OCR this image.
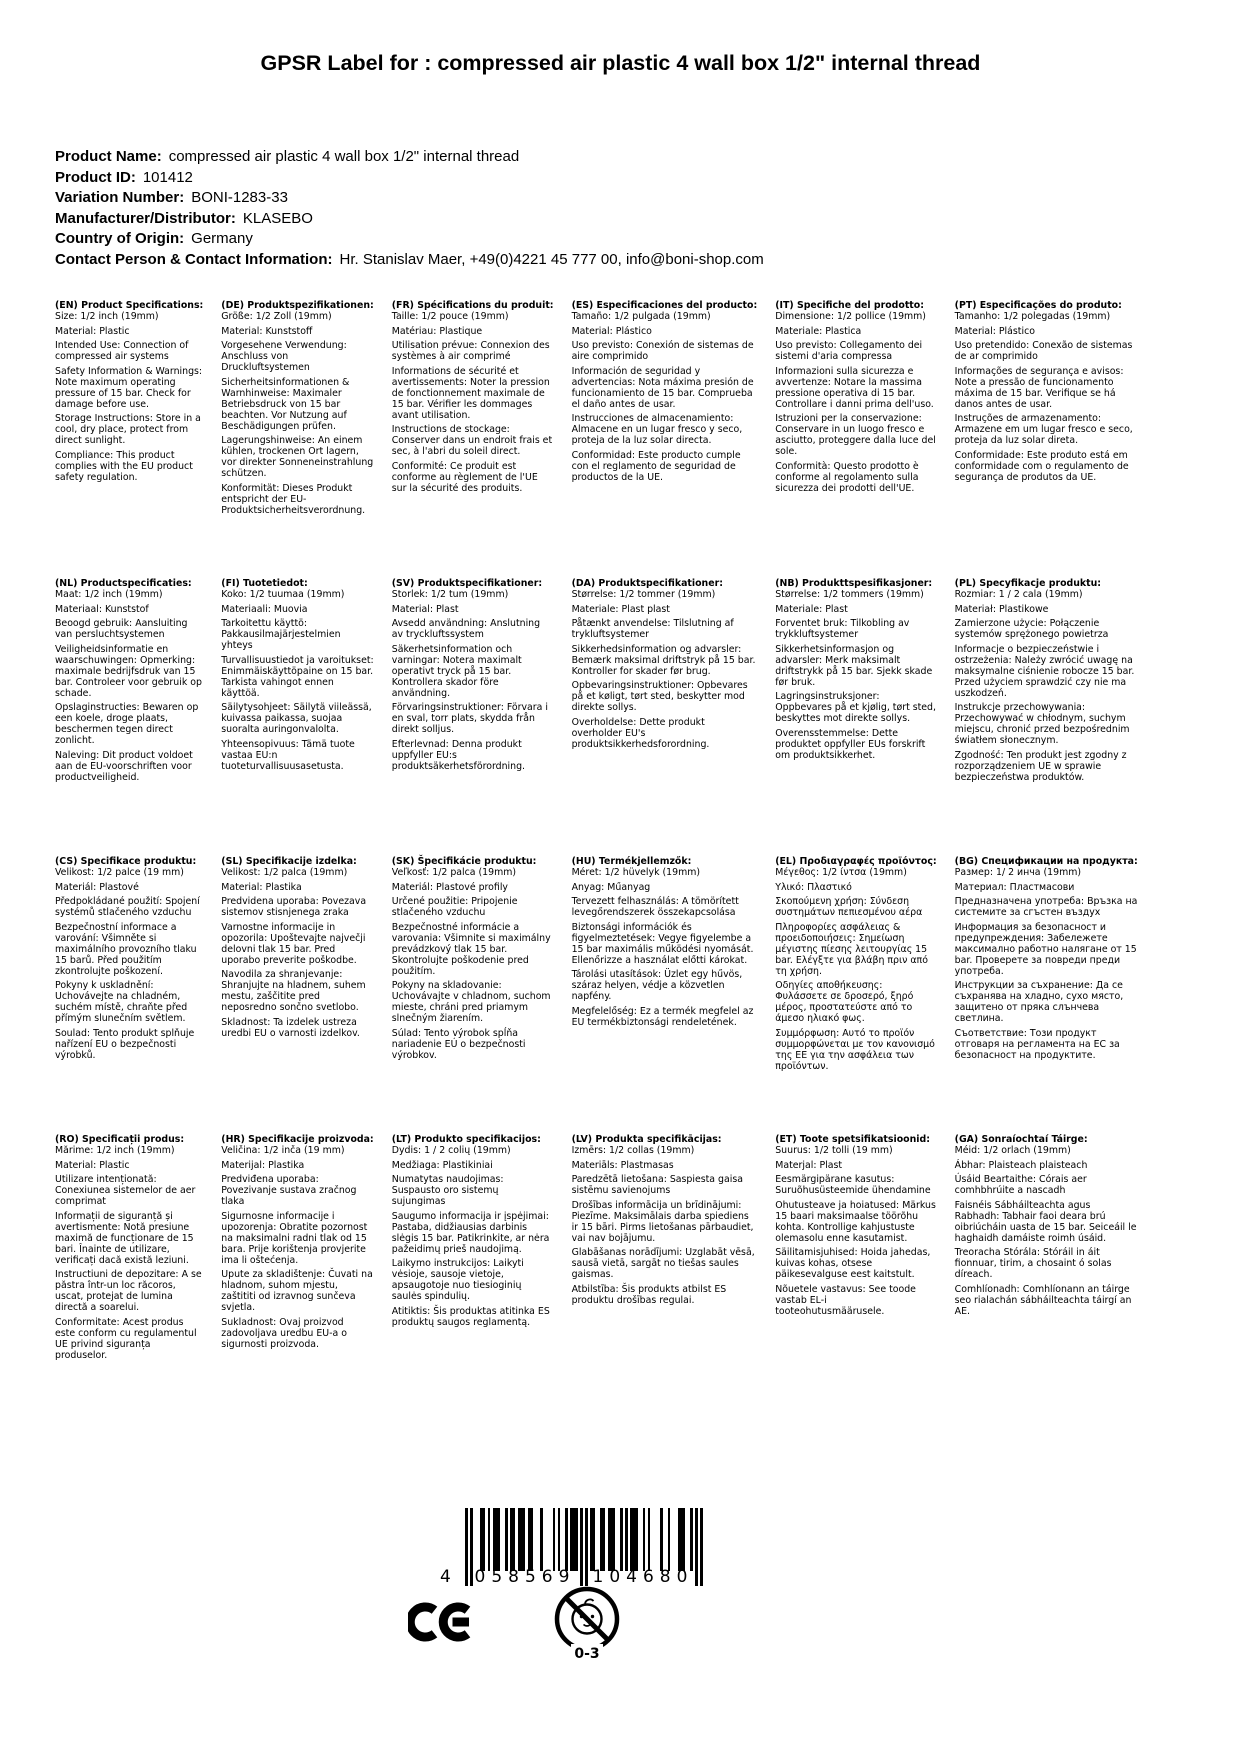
GPSR Label for : compressed air plastic 4 wall box 1/2" internal thread
Product Name: compressed air plastic 4 wall box 1/2" internal thread
Product ID: 101412
Variation Number: BONI-1283-33
Manufacturer/Distributor: KLASEBO
Country of Origin: Germany
Contact Person & Contact Information: Hr. Stanislav Maer, +49(0)4221 45 777 00, info@boni-shop.com
(EN) Product Specifications:

Size: 1/2 inch (19mm)

Material: Plastic

Intended Use: Connection of compressed air systems

Safety Information & Warnings: Note maximum operating pressure of 15 bar. Check for damage before use.

Storage Instructions: Store in a cool, dry place, protect from direct sunlight.

Compliance: This product complies with the EU product safety regulation.

(DE) Produktspezifikationen:

Größe: 1/2 Zoll (19mm)

Material: Kunststoff

Vorgesehene Verwendung: Anschluss von Druckluftsystemen

Sicherheitsinformationen & Warnhinweise: Maximaler Betriebsdruck von 15 bar beachten. Vor Nutzung auf Beschädigungen prüfen.

Lagerungshinweise: An einem kühlen, trockenen Ort lagern, vor direkter Sonneneinstrahlung schützen.

Konformität: Dieses Produkt entspricht der EU-Produktsicherheitsverordnung.

(FR) Spécifications du produit:

Taille: 1/2 pouce (19mm)

Matériau: Plastique

Utilisation prévue: Connexion des systèmes à air comprimé

Informations de sécurité et avertissements: Noter la pression de fonctionnement maximale de 15 bar. Vérifier les dommages avant utilisation.

Instructions de stockage: Conserver dans un endroit frais et sec, à l'abri du soleil direct.

Conformité: Ce produit est conforme au règlement de l'UE sur la sécurité des produits.

(ES) Especificaciones del producto:

Tamaño: 1/2 pulgada (19mm)

Material: Plástico

Uso previsto: Conexión de sistemas de aire comprimido

Información de seguridad y advertencias: Nota máxima presión de funcionamiento de 15 bar. Comprueba el daño antes de usar.

Instrucciones de almacenamiento: Almacene en un lugar fresco y seco, proteja de la luz solar directa.

Conformidad: Este producto cumple con el reglamento de seguridad de productos de la UE.

(IT) Specifiche del prodotto:

Dimensione: 1/2 pollice (19mm)

Materiale: Plastica

Uso previsto: Collegamento dei sistemi d'aria compressa

Informazioni sulla sicurezza e avvertenze: Notare la massima pressione operativa di 15 bar. Controllare i danni prima dell'uso.

Istruzioni per la conservazione: Conservare in un luogo fresco e asciutto, proteggere dalla luce del sole.

Conformità: Questo prodotto è conforme al regolamento sulla sicurezza dei prodotti dell'UE.

(PT) Especificações do produto:

Tamanho: 1/2 polegadas (19mm)

Material: Plástico

Uso pretendido: Conexão de sistemas de ar comprimido

Informações de segurança e avisos: Note a pressão de funcionamento máxima de 15 bar. Verifique se há danos antes de usar.

Instruções de armazenamento: Armazene em um lugar fresco e seco, proteja da luz solar direta.

Conformidade: Este produto está em conformidade com o regulamento de segurança de produtos da UE.

(NL) Productspecificaties:

Maat: 1/2 inch (19mm)

Materiaal: Kunststof

Beoogd gebruik: Aansluiting van persluchtsystemen

Veiligheidsinformatie en waarschuwingen: Opmerking: maximale bedrijfsdruk van 15 bar. Controleer voor gebruik op schade.

Opslaginstructies: Bewaren op een koele, droge plaats, beschermen tegen direct zonlicht.

Naleving: Dit product voldoet aan de EU-voorschriften voor productveiligheid.

(FI) Tuotetiedot:

Koko: 1/2 tuumaa (19mm)

Materiaali: Muovia

Tarkoitettu käyttö: Pakkausilmajärjestelmien yhteys

Turvallisuustiedot ja varoitukset: Enimmäiskäyttöpaine on 15 bar. Tarkista vahingot ennen käyttöä.

Säilytysohjeet: Säilytä viileässä, kuivassa paikassa, suojaa suoralta auringonvalolta.

Yhteensopivuus: Tämä tuote vastaa EU:n tuoteturvallisuusasetusta.

(SV) Produktspecifikationer:

Storlek: 1/2 tum (19mm)

Material: Plast

Avsedd användning: Anslutning av tryckluftssystem

Säkerhetsinformation och varningar: Notera maximalt operativt tryck på 15 bar. Kontrollera skador före användning.

Förvaringsinstruktioner: Förvara i en sval, torr plats, skydda från direkt solljus.

Efterlevnad: Denna produkt uppfyller EU:s produktsäkerhetsförordning.

(DA) Produktspecifikationer:

Størrelse: 1/2 tommer (19mm)

Materiale: Plast plast

Påtænkt anvendelse: Tilslutning af trykluftsystemer

Sikkerhedsinformation og advarsler: Bemærk maksimal driftstryk på 15 bar. Kontroller for skader før brug.

Opbevaringsinstruktioner: Opbevares på et køligt, tørt sted, beskytter mod direkte sollys.

Overholdelse: Dette produkt overholder EU's produktsikkerhedsforordning.

(NB) Produkttspesifikasjoner:

Størrelse: 1/2 tommers (19mm)

Materiale: Plast

Forventet bruk: Tilkobling av trykkluftsystemer

Sikkerhetsinformasjon og advarsler: Merk maksimalt driftstrykk på 15 bar. Sjekk skade før bruk.

Lagringsinstruksjoner: Oppbevares på et kjølig, tørt sted, beskyttes mot direkte sollys.

Overensstemmelse: Dette produktet oppfyller EUs forskrift om produktsikkerhet.

(PL) Specyfikacje produktu:

Rozmiar: 1 / 2 cala (19mm)

Materiał: Plastikowe

Zamierzone użycie: Połączenie systemów sprężonego powietrza

Informacje o bezpieczeństwie i ostrzeżenia: Należy zwrócić uwagę na maksymalne ciśnienie robocze 15 bar. Przed użyciem sprawdzić czy nie ma uszkodzeń.

Instrukcje przechowywania: Przechowywać w chłodnym, suchym miejscu, chronić przed bezpośrednim światłem słonecznym.

Zgodność: Ten produkt jest zgodny z rozporządzeniem UE w sprawie bezpieczeństwa produktów.

(CS) Specifikace produktu:

Velikost: 1/2 palce (19 mm)

Materiál: Plastové

Předpokládané použití: Spojení systémů stlačeného vzduchu

Bezpečnostní informace a varování: Všimněte si maximálního provozního tlaku 15 barů. Před použitím zkontrolujte poškození.

Pokyny k uskladnění: Uchovávejte na chladném, suchém místě, chraňte před přímým slunečním světlem.

Soulad: Tento produkt splňuje nařízení EU o bezpečnosti výrobků.

(SL) Specifikacije izdelka:

Velikost: 1/2 palca (19mm)

Material: Plastika

Predvidena uporaba: Povezava sistemov stisnjenega zraka

Varnostne informacije in opozorila: Upoštevajte največji delovni tlak 15 bar. Pred uporabo preverite poškodbe.

Navodila za shranjevanje: Shranjujte na hladnem, suhem mestu, zaščitite pred neposredno sončno svetlobo.

Skladnost: Ta izdelek ustreza uredbi EU o varnosti izdelkov.

(SK) Špecifikácie produktu:

Veľkosť: 1/2 palca (19mm)

Materiál: Plastové profily

Určené použitie: Pripojenie stlačeného vzduchu

Bezpečnostné informácie a varovania: Všimnite si maximálny prevádzkový tlak 15 bar. Skontrolujte poškodenie pred použitím.

Pokyny na skladovanie: Uchovávajte v chladnom, suchom mieste, chráni pred priamym slnečným žiarením.

Súlad: Tento výrobok spĺňa nariadenie EÚ o bezpečnosti výrobkov.

(HU) Termékjellemzők:

Méret: 1/2 hüvelyk (19mm)

Anyag: Műanyag

Tervezett felhasználás: A tömörített levegőrendszerek összekapcsolása

Biztonsági információk és figyelmeztetések: Vegye figyelembe a 15 bar maximális működési nyomását. Ellenőrizze a használat előtti károkat.

Tárolási utasítások: Üzlet egy hűvös, száraz helyen, védje a közvetlen napfény.

Megfelelőség: Ez a termék megfelel az EU termékbiztonsági rendeletének.

(EL) Προδιαγραφές προϊόντος:

Μέγεθος: 1/2 ίντσα (19mm)

Υλικό: Πλαστικό

Σκοπούμενη χρήση: Σύνδεση συστημάτων πεπιεσμένου αέρα

Πληροφορίες ασφάλειας & προειδοποιήσεις: Σημείωση μέγιστης πίεσης λειτουργίας 15 bar. Ελέγξτε για βλάβη πριν από τη χρήση.

Οδηγίες αποθήκευσης: Φυλάσσετε σε δροσερό, ξηρό μέρος, προστατεύστε από το άμεσο ηλιακό φως.

Συμμόρφωση: Αυτό το προϊόν συμμορφώνεται με τον κανονισμό της ΕΕ για την ασφάλεια των προϊόντων.

(BG) Спецификации на продукта:

Размер: 1/ 2 инча (19mm)

Материал: Пластмасови

Предназначена употреба: Връзка на системите за сгъстен въздух

Информация за безопасност и предупреждения: Забележете максимално работно налягане от 15 bar. Проверете за повреди преди употреба.

Инструкции за съхранение: Да се съхранява на хладно, сухо място, защитено от пряка слънчева светлина.

Съответствие: Този продукт отговаря на регламента на ЕС за безопасност на продуктите.

(RO) Specificații produs:

Mărime: 1/2 inch (19mm)

Material: Plastic

Utilizare intenționată: Conexiunea sistemelor de aer comprimat

Informații de siguranță și avertismente: Notă presiune maximă de funcționare de 15 bari. Înainte de utilizare, verificați dacă există leziuni.

Instructiuni de depozitare: A se păstra într-un loc răcoros, uscat, protejat de lumina directă a soarelui.

Conformitate: Acest produs este conform cu regulamentul UE privind siguranța produselor.

(HR) Specifikacije proizvoda:

Veličina: 1/2 inča (19 mm)

Materijal: Plastika

Predviđena uporaba: Povezivanje sustava zračnog tlaka

Sigurnosne informacije i upozorenja: Obratite pozornost na maksimalni radni tlak od 15 bara. Prije korištenja provjerite ima li oštećenja.

Upute za skladištenje: Čuvati na hladnom, suhom mjestu, zaštititi od izravnog sunčeva svjetla.

Sukladnost: Ovaj proizvod zadovoljava uredbu EU-a o sigurnosti proizvoda.

(LT) Produkto specifikacijos:

Dydis: 1 / 2 colių (19mm)

Medžiaga: Plastikiniai

Numatytas naudojimas: Suspausto oro sistemų sujungimas

Saugumo informacija ir įspėjimai: Pastaba, didžiausias darbinis slėgis 15 bar. Patikrinkite, ar nėra pažeidimų prieš naudojimą.

Laikymo instrukcijos: Laikyti vėsioje, sausoje vietoje, apsaugotoje nuo tiesioginių saulės spindulių.

Atitiktis: Šis produktas atitinka ES produktų saugos reglamentą.

(LV) Produkta specifikācijas:

Izmērs: 1/2 collas (19mm)

Materiāls: Plastmasas

Paredzētā lietošana: Saspiesta gaisa sistēmu savienojums

Drošības informācija un brīdinājumi: Piezīme. Maksimālais darba spiediens ir 15 bāri. Pirms lietošanas pārbaudiet, vai nav bojājumu.

Glabāšanas norādījumi: Uzglabāt vēsā, sausā vietā, sargāt no tiešas saules gaismas.

Atbilstība: Šis produkts atbilst ES produktu drošības regulai.

(ET) Toote spetsifikatsioonid:

Suurus: 1/2 tolli (19 mm)

Materjal: Plast

Eesmärgipärane kasutus: Suruõhusüsteemide ühendamine

Ohutusteave ja hoiatused: Märkus 15 baari maksimaalse töörõhu kohta. Kontrollige kahjustuste olemasolu enne kasutamist.

Säilitamisjuhised: Hoida jahedas, kuivas kohas, otsese päikesevalguse eest kaitstult.

Nõuetele vastavus: See toode vastab EL-i tooteohutusmäärusele.

(GA) Sonraíochtaí Táirge:

Méid: 1/2 orlach (19mm)

Ábhar: Plaisteach plaisteach

Úsáid Beartaithe: Córais aer comhbhrúite a nascadh

Faisnéis Sábháilteachta agus Rabhadh: Tabhair faoi deara brú oibriúcháin uasta de 15 bar. Seiceáil le haghaidh damáiste roimh úsáid.

Treoracha Stórála: Stóráil in áit fionnuar, tirim, a chosaint ó solas díreach.

Comhlíonadh: Comhlíonann an táirge seo rialachán sábháilteachta táirgí an AE.

4 058569 104680
0-3
